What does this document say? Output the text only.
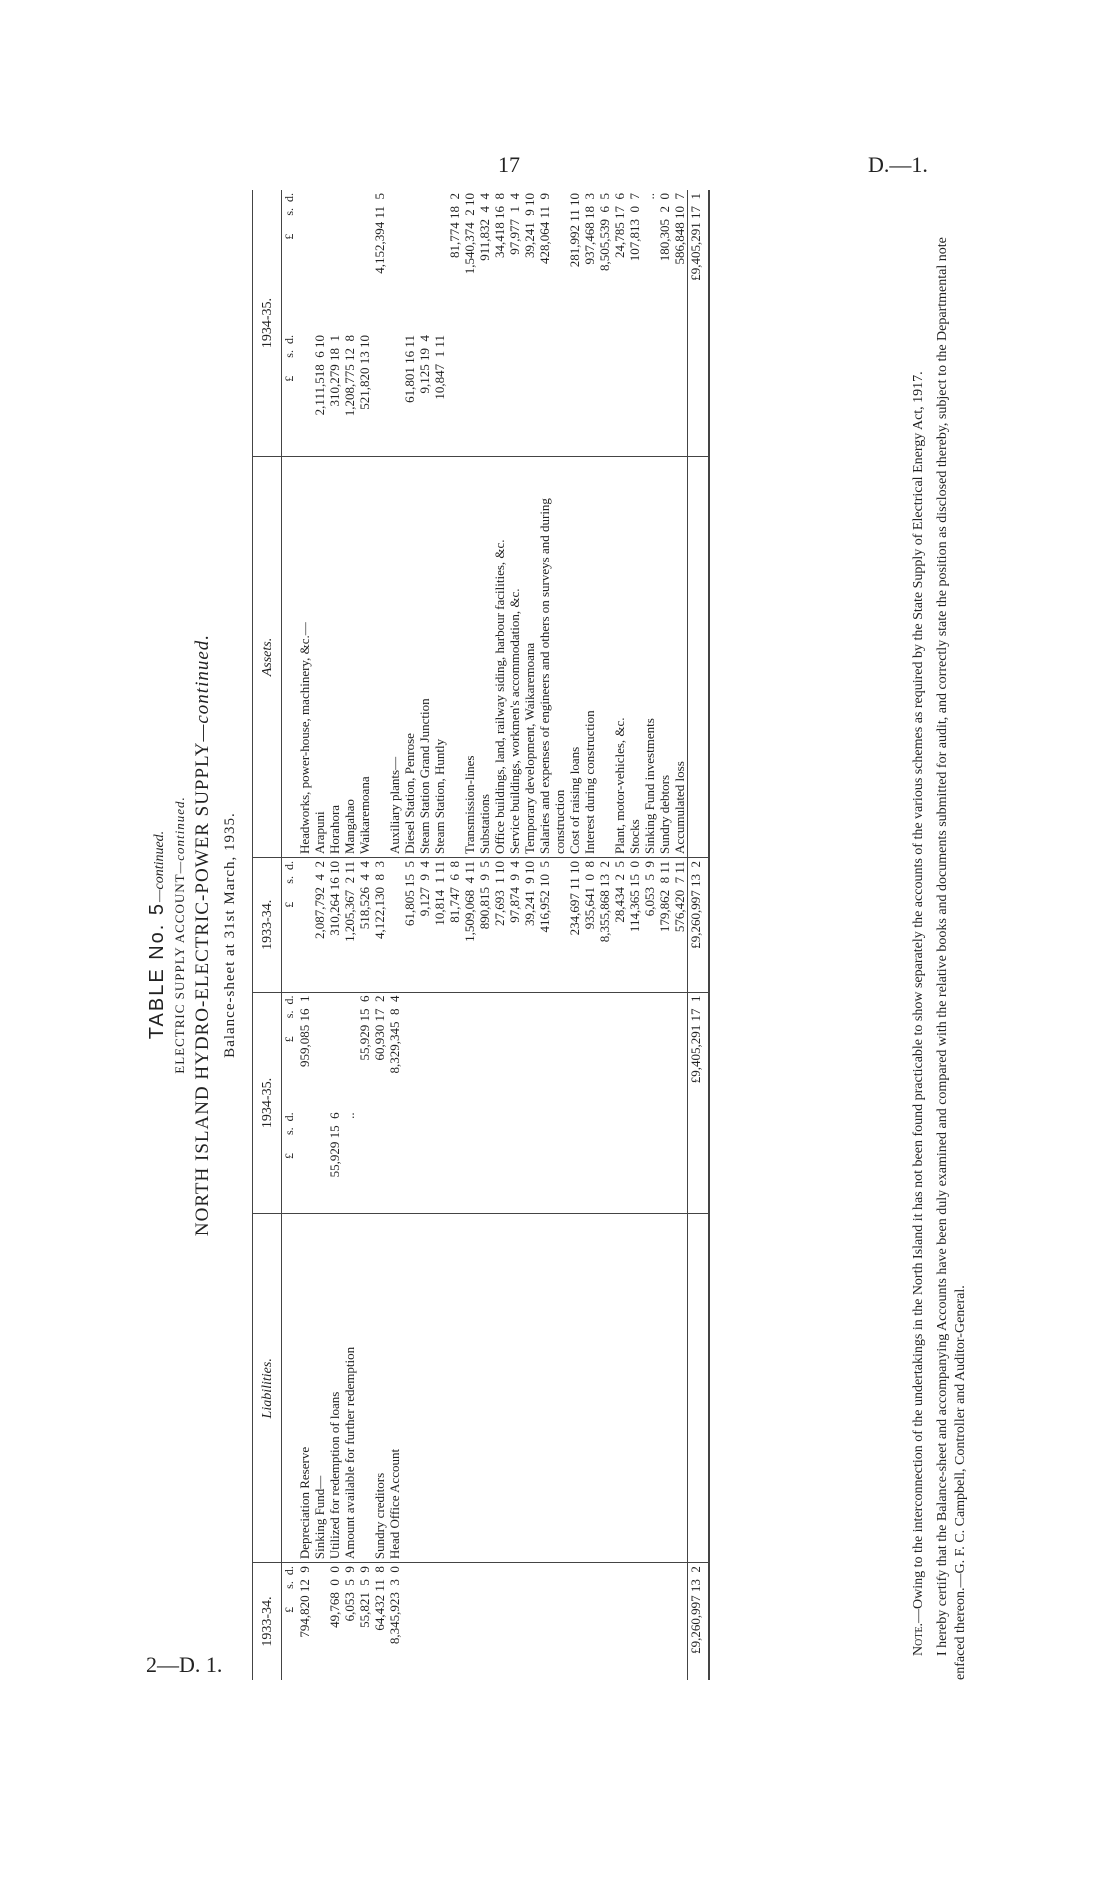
17	D.—1.
2—D. 1.
TABLE No. 5—continued.
ELECTRIC SUPPLY ACCOUNT—continued. NORTH ISLAND HYDRO-ELECTRIC-POWER SUPPLY—continued.
Balance-sheet at 31st March, 1935.
1933-34.	Liabilities.	1934-35.		1933-34.	Assets.	1934-35.	
£      s.  d.		£      s.  d.	£      s.  d.	£      s.  d.		£      s.  d.	£      s.  d.
794,820 12  9	Depreciation Reserve		959,085 16  1		Headworks, power-house, machinery, &c.—		
	Sinking Fund—			2,087,792  4  2	Arapuni	2,111,518  6 10	
49,768  0  0	Utilized for redemption of loans	55,929 15  6		310,264 16 10	Horahora	310,279 18  1	
6,053  5  9	Amount available for further redemption	..		1,205,367  2 11	Mangahao	1,208,775 12  8	
55,821  5  9			55,929 15  6	518,526  4  4	Waikaremoana	521,820 13 10	
64,432 11  8	Sundry creditors		60,930 17  2	4,122,130  8  3			4,152,394 11  5
8,345,923  3  0	Head Office Account		8,329,345  8  4		Auxiliary plants—		
				61,805 15  5	Diesel Station, Penrose	61,801 16 11	
				9,127  9  4	Steam Station Grand Junction	9,125 19  4	
				10,814  1 11	Steam Station, Huntly	10,847  1 11	
				81,747  6  8			81,774 18  2
				1,509,068  4 11	Transmission-lines		1,540,374  2 10
				890,815  9  5	Substations		911,832  4  4
				27,693  1 10	Office buildings, land, railway siding, harbour facilities, &c.		34,418 16  8
				97,874  9  4	Service buildings, workmen's accommodation, &c.		97,977  1  4
				39,241  9 10	Temporary development, Waikaremoana		39,241  9 10
				416,952 10  5	Salaries and expenses of engineers and others on surveys and during construction		428,064 11  9
				234,697 11 10	Cost of raising loans		281,992 11 10
				935,641  0  8	Interest during construction		937,468 18  3
				8,355,868 13  2			8,505,539  6  5
				28,434  2  5	Plant, motor-vehicles, &c.		24,785 17  6
				114,365 15  0	Stocks		107,813  0  7
				6,053  5  9	Sinking Fund investments		..
				179,862  8 11	Sundry debtors		180,305  2  0
				576,420  7 11	Accumulated loss		586,848 10  7
£9,260,997 13  2			£9,405,291 17  1	£9,260,997 13  2			£9,405,291 17  1

Note.—Owing to the interconnection of the undertakings in the North Island it has not been found practicable to show separately the accounts of the various schemes as required by the State Supply of Electrical Energy Act, 1917. I hereby certify that the Balance-sheet and accompanying Accounts have been duly examined and compared with the relative books and documents submitted for audit, and correctly state the position as disclosed thereby, subject to the Departmental note enfaced thereon.—G. F. C. Campbell, Controller and Auditor-General.
